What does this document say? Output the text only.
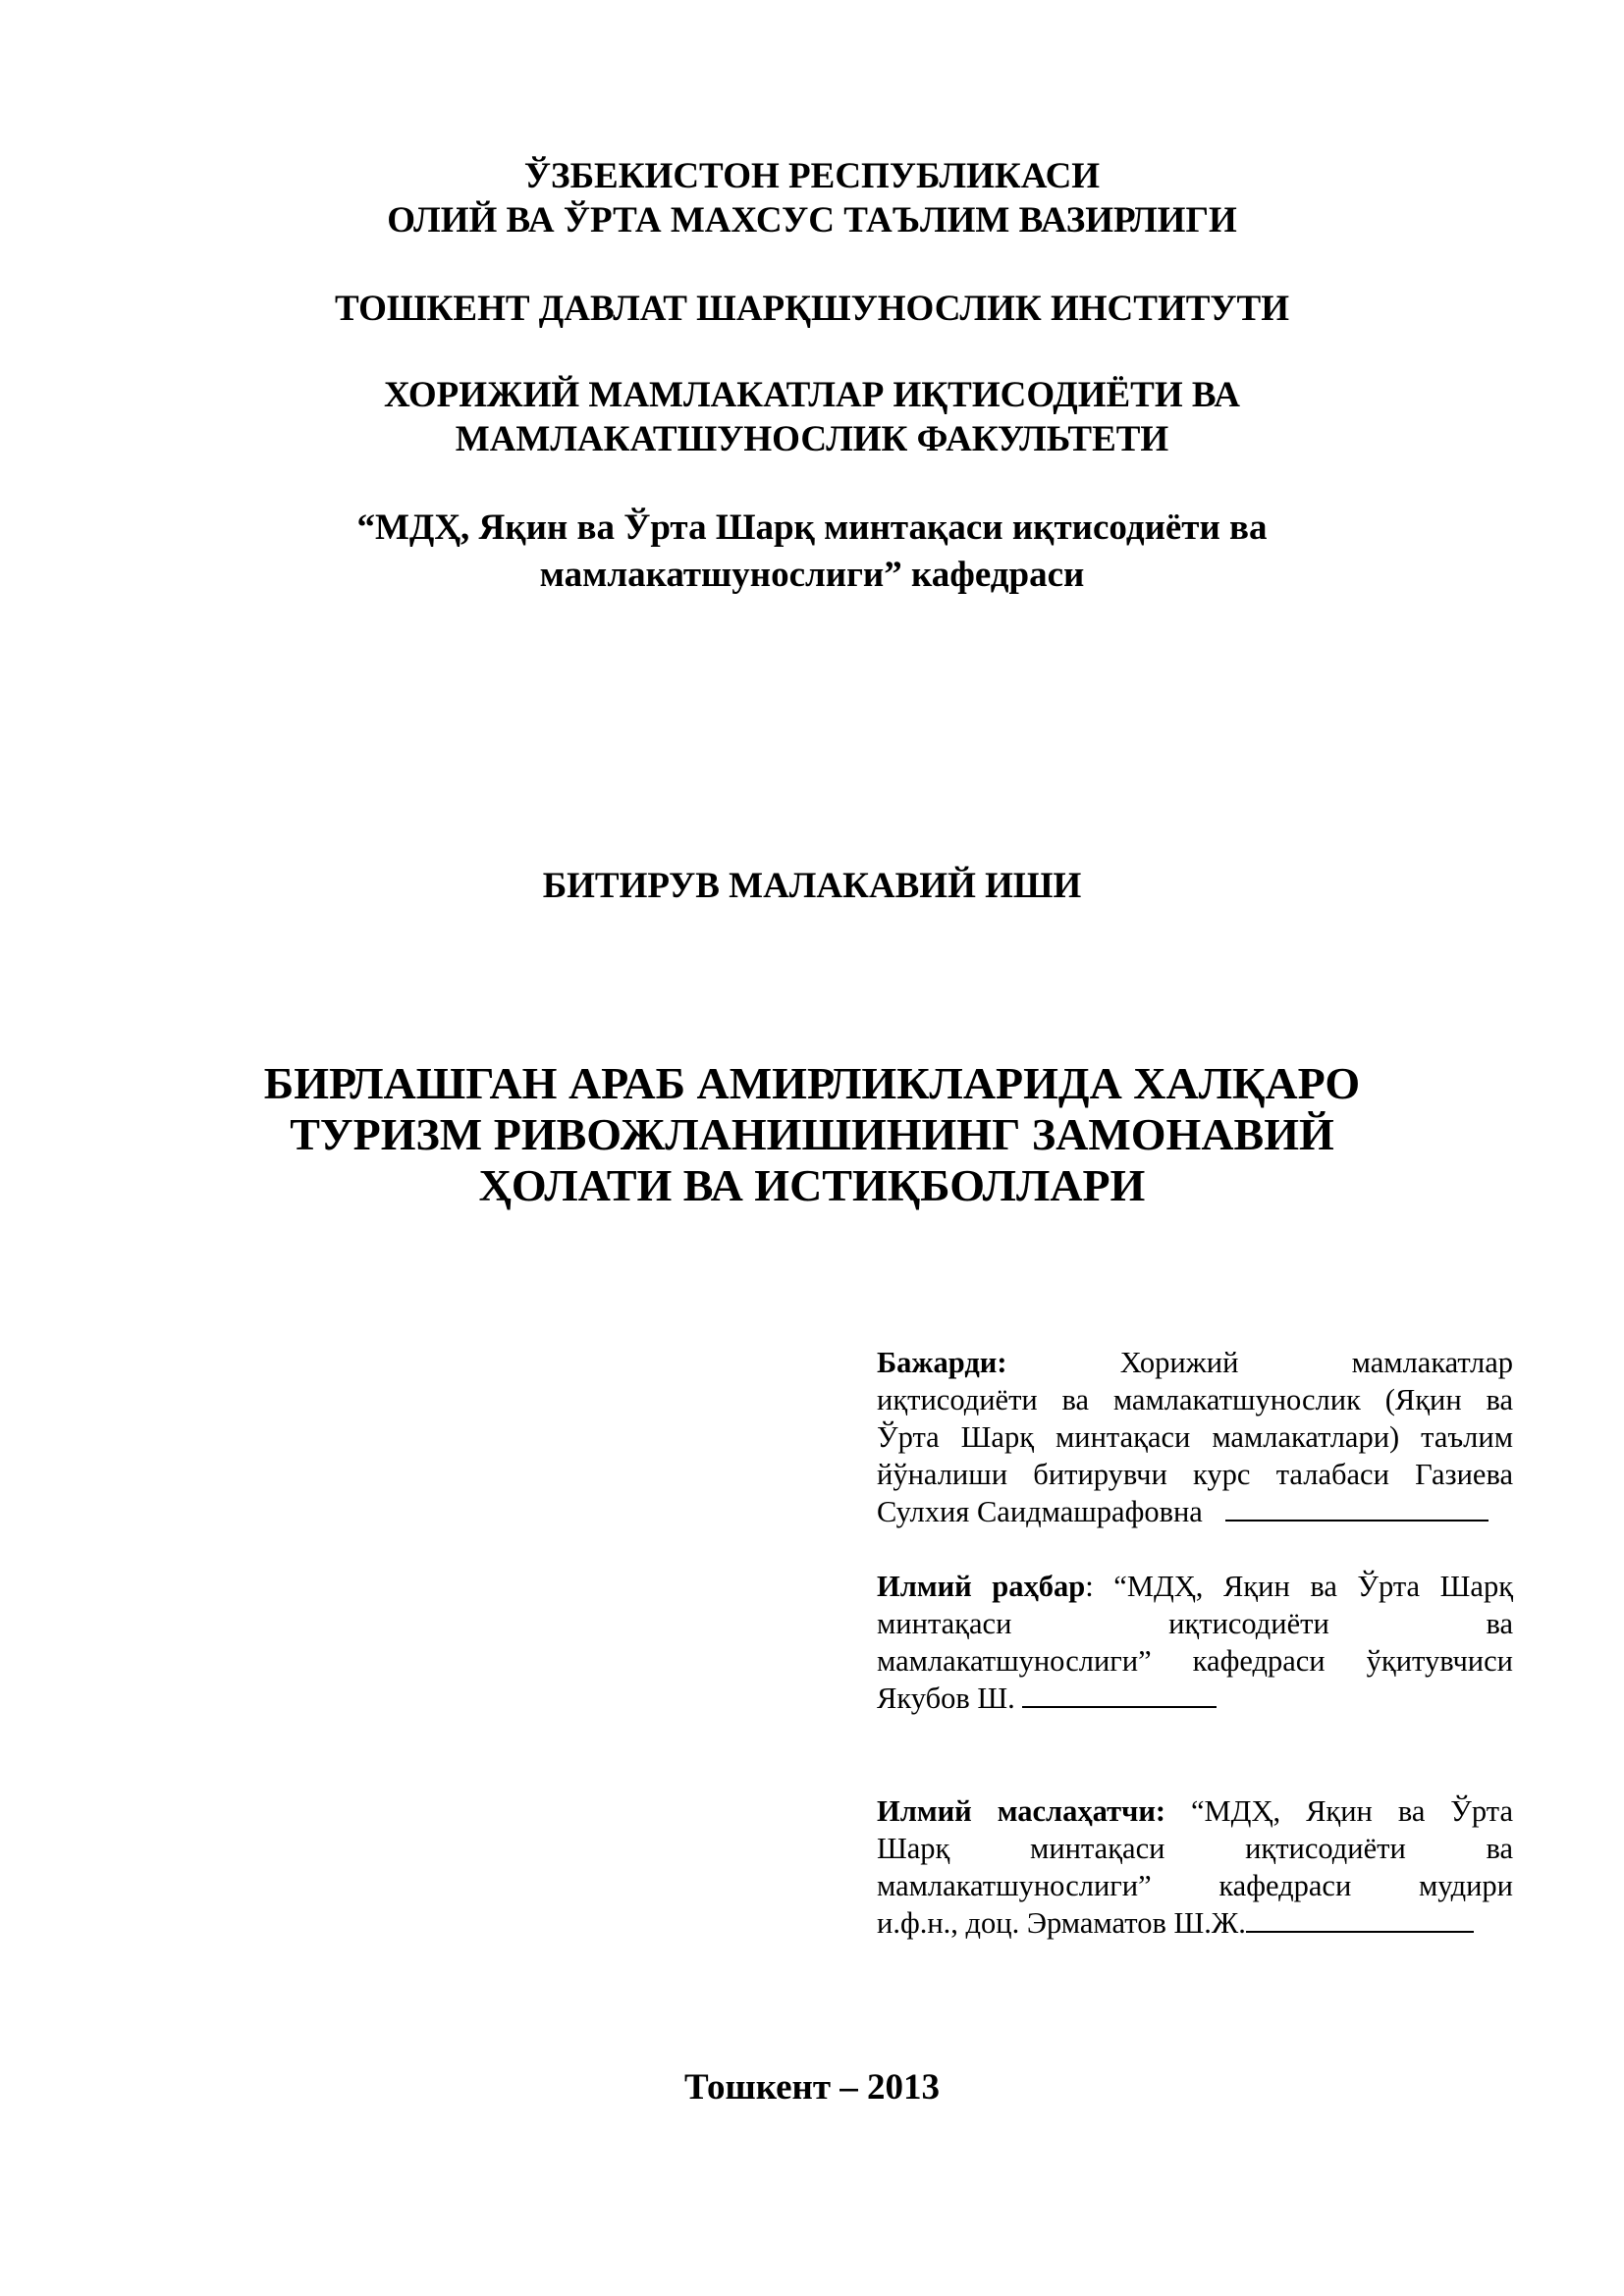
ЎЗБЕКИСТОН РЕСПУБЛИКАСИ
ОЛИЙ ВА ЎРТА МАХСУС ТАЪЛИМ ВАЗИРЛИГИ
ТОШКЕНТ ДАВЛАТ ШАРҚШУНОСЛИК ИНСТИТУТИ
ХОРИЖИЙ МАМЛАКАТЛАР ИҚТИСОДИЁТИ ВА
МАМЛАКАТШУНОСЛИК ФАКУЛЬТЕТИ
“МДҲ, Яқин ва Ўрта Шарқ минтақаси иқтисодиёти ва
мамлакатшунослиги” кафедраси
БИТИРУВ МАЛАКАВИЙ ИШИ
БИРЛАШГАН АРАБ АМИРЛИКЛАРИДА ХАЛҚАРО
ТУРИЗМ РИВОЖЛАНИШИНИНГ ЗАМОНАВИЙ
ҲОЛАТИ ВА ИСТИҚБОЛЛАРИ
Бажарди:	Хорижий мамлакатлар
иқтисодиёти ва мамлакатшунослик (Яқин ва
Ўрта Шарқ минтақаси мамлакатлари) таълим
йўналиши битирувчи курс талабаси Газиева
Сулхия Саидмашрафовна
Илмий раҳбар: “МДҲ, Яқин ва Ўрта Шарқ
минтақаси иқтисодиёти ва
мамлакатшунослиги” кафедраси ўқитувчиси
Якубов Ш.
Илмий маслаҳатчи: “МДҲ, Яқин ва Ўрта
Шарқ минтақаси иқтисодиёти ва
мамлакатшунослиги” кафедраси мудири
и.ф.н., доц. Эрмаматов Ш.Ж.
Тошкент – 2013
